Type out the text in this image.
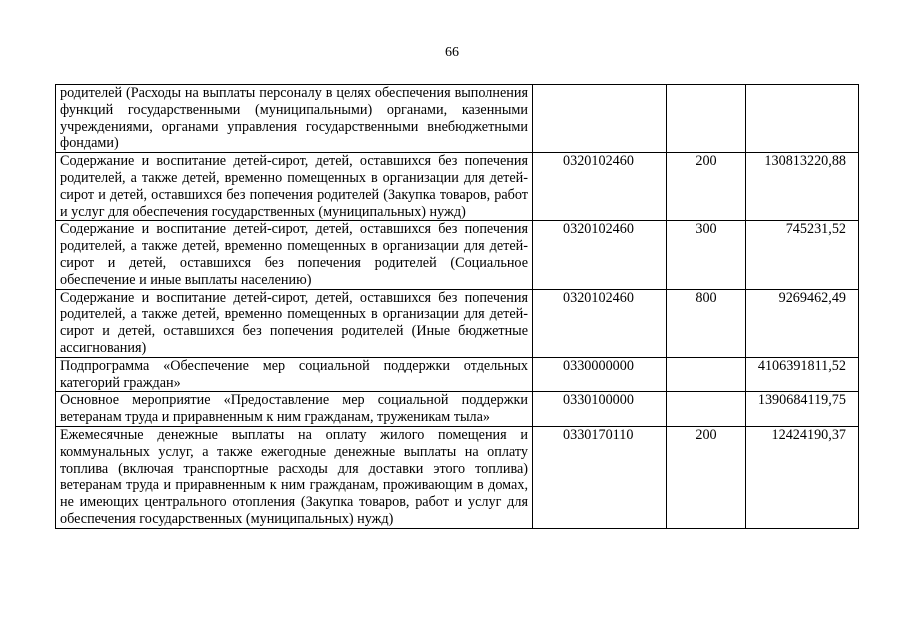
66
родителей (Расходы на выплаты персоналу в целях обеспечения выполнения функций государственными (муниципальными) органами, казенными учреждениями, органами управления государственными внебюджетными фондами)			
Содержание и воспитание детей-сирот, детей, оставшихся без попечения родителей, а также детей, временно помещенных в организации для детей-сирот и детей, оставшихся без попечения родителей (Закупка товаров, работ и услуг для обеспечения государственных (муниципальных) нужд)	0320102460	200	130813220,88
Содержание и воспитание детей-сирот, детей, оставшихся без попечения родителей, а также детей, временно помещенных в организации для детей-сирот и детей, оставшихся без попечения родителей (Социальное обеспечение и иные выплаты населению)	0320102460	300	745231,52
Содержание и воспитание детей-сирот, детей, оставшихся без попечения родителей, а также детей, временно помещенных в организации для детей-сирот и детей, оставшихся без попечения родителей (Иные бюджетные ассигнования)	0320102460	800	9269462,49
Подпрограмма «Обеспечение мер социальной поддержки отдельных категорий граждан»	0330000000		4106391811,52
Основное мероприятие «Предоставление мер социальной поддержки ветеранам труда и приравненным к ним гражданам, труженикам тыла»	0330100000		1390684119,75
Ежемесячные денежные выплаты на оплату жилого помещения и коммунальных услуг, а также ежегодные денежные выплаты на оплату топлива (включая транспортные расходы для доставки этого топлива) ветеранам труда и приравненным к ним гражданам, проживающим в домах, не имеющих центрального отопления (Закупка товаров, работ и услуг для обеспечения государственных (муниципальных) нужд)	0330170110	200	12424190,37
